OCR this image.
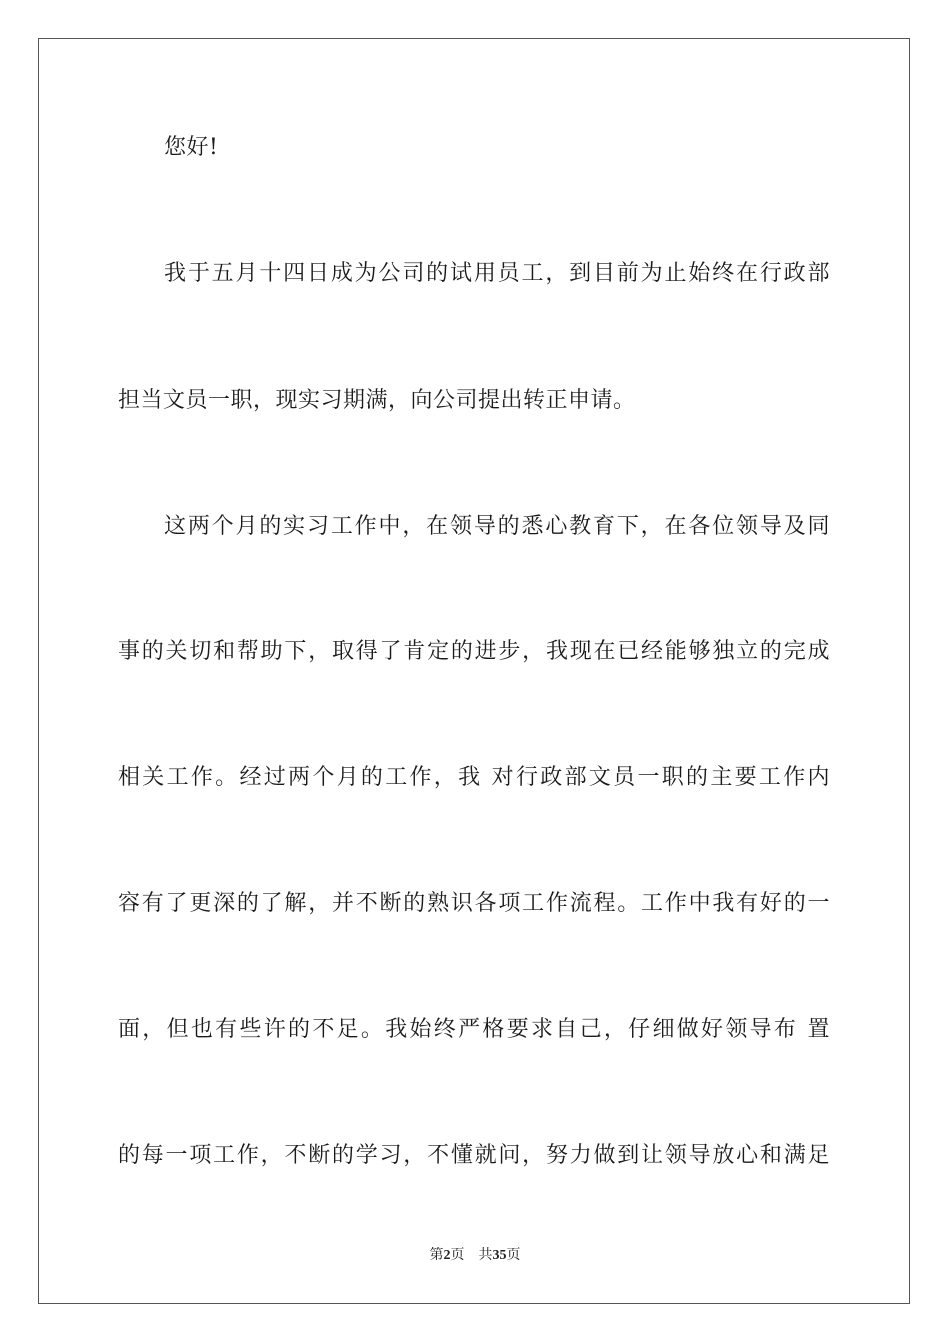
您好!
我于五月十四日成为公司的试用员工，到目前为止始终在行政部
担当文员一职，现实习期满，向公司提出转正申请。
这两个月的实习工作中，在领导的悉心教育下，在各位领导及同
事的关切和帮助下，取得了肯定的进步，我现在已经能够独立的完成
相关工作。经过两个月的工作，我 对行政部文员一职的主要工作内
容有了更深的了解，并不断的熟识各项工作流程。工作中我有好的一
面，但也有些许的不足。我始终严格要求自己，仔细做好领导布 置
的每一项工作，不断的学习，不懂就问，努力做到让领导放心和满足
第2页 共35页
